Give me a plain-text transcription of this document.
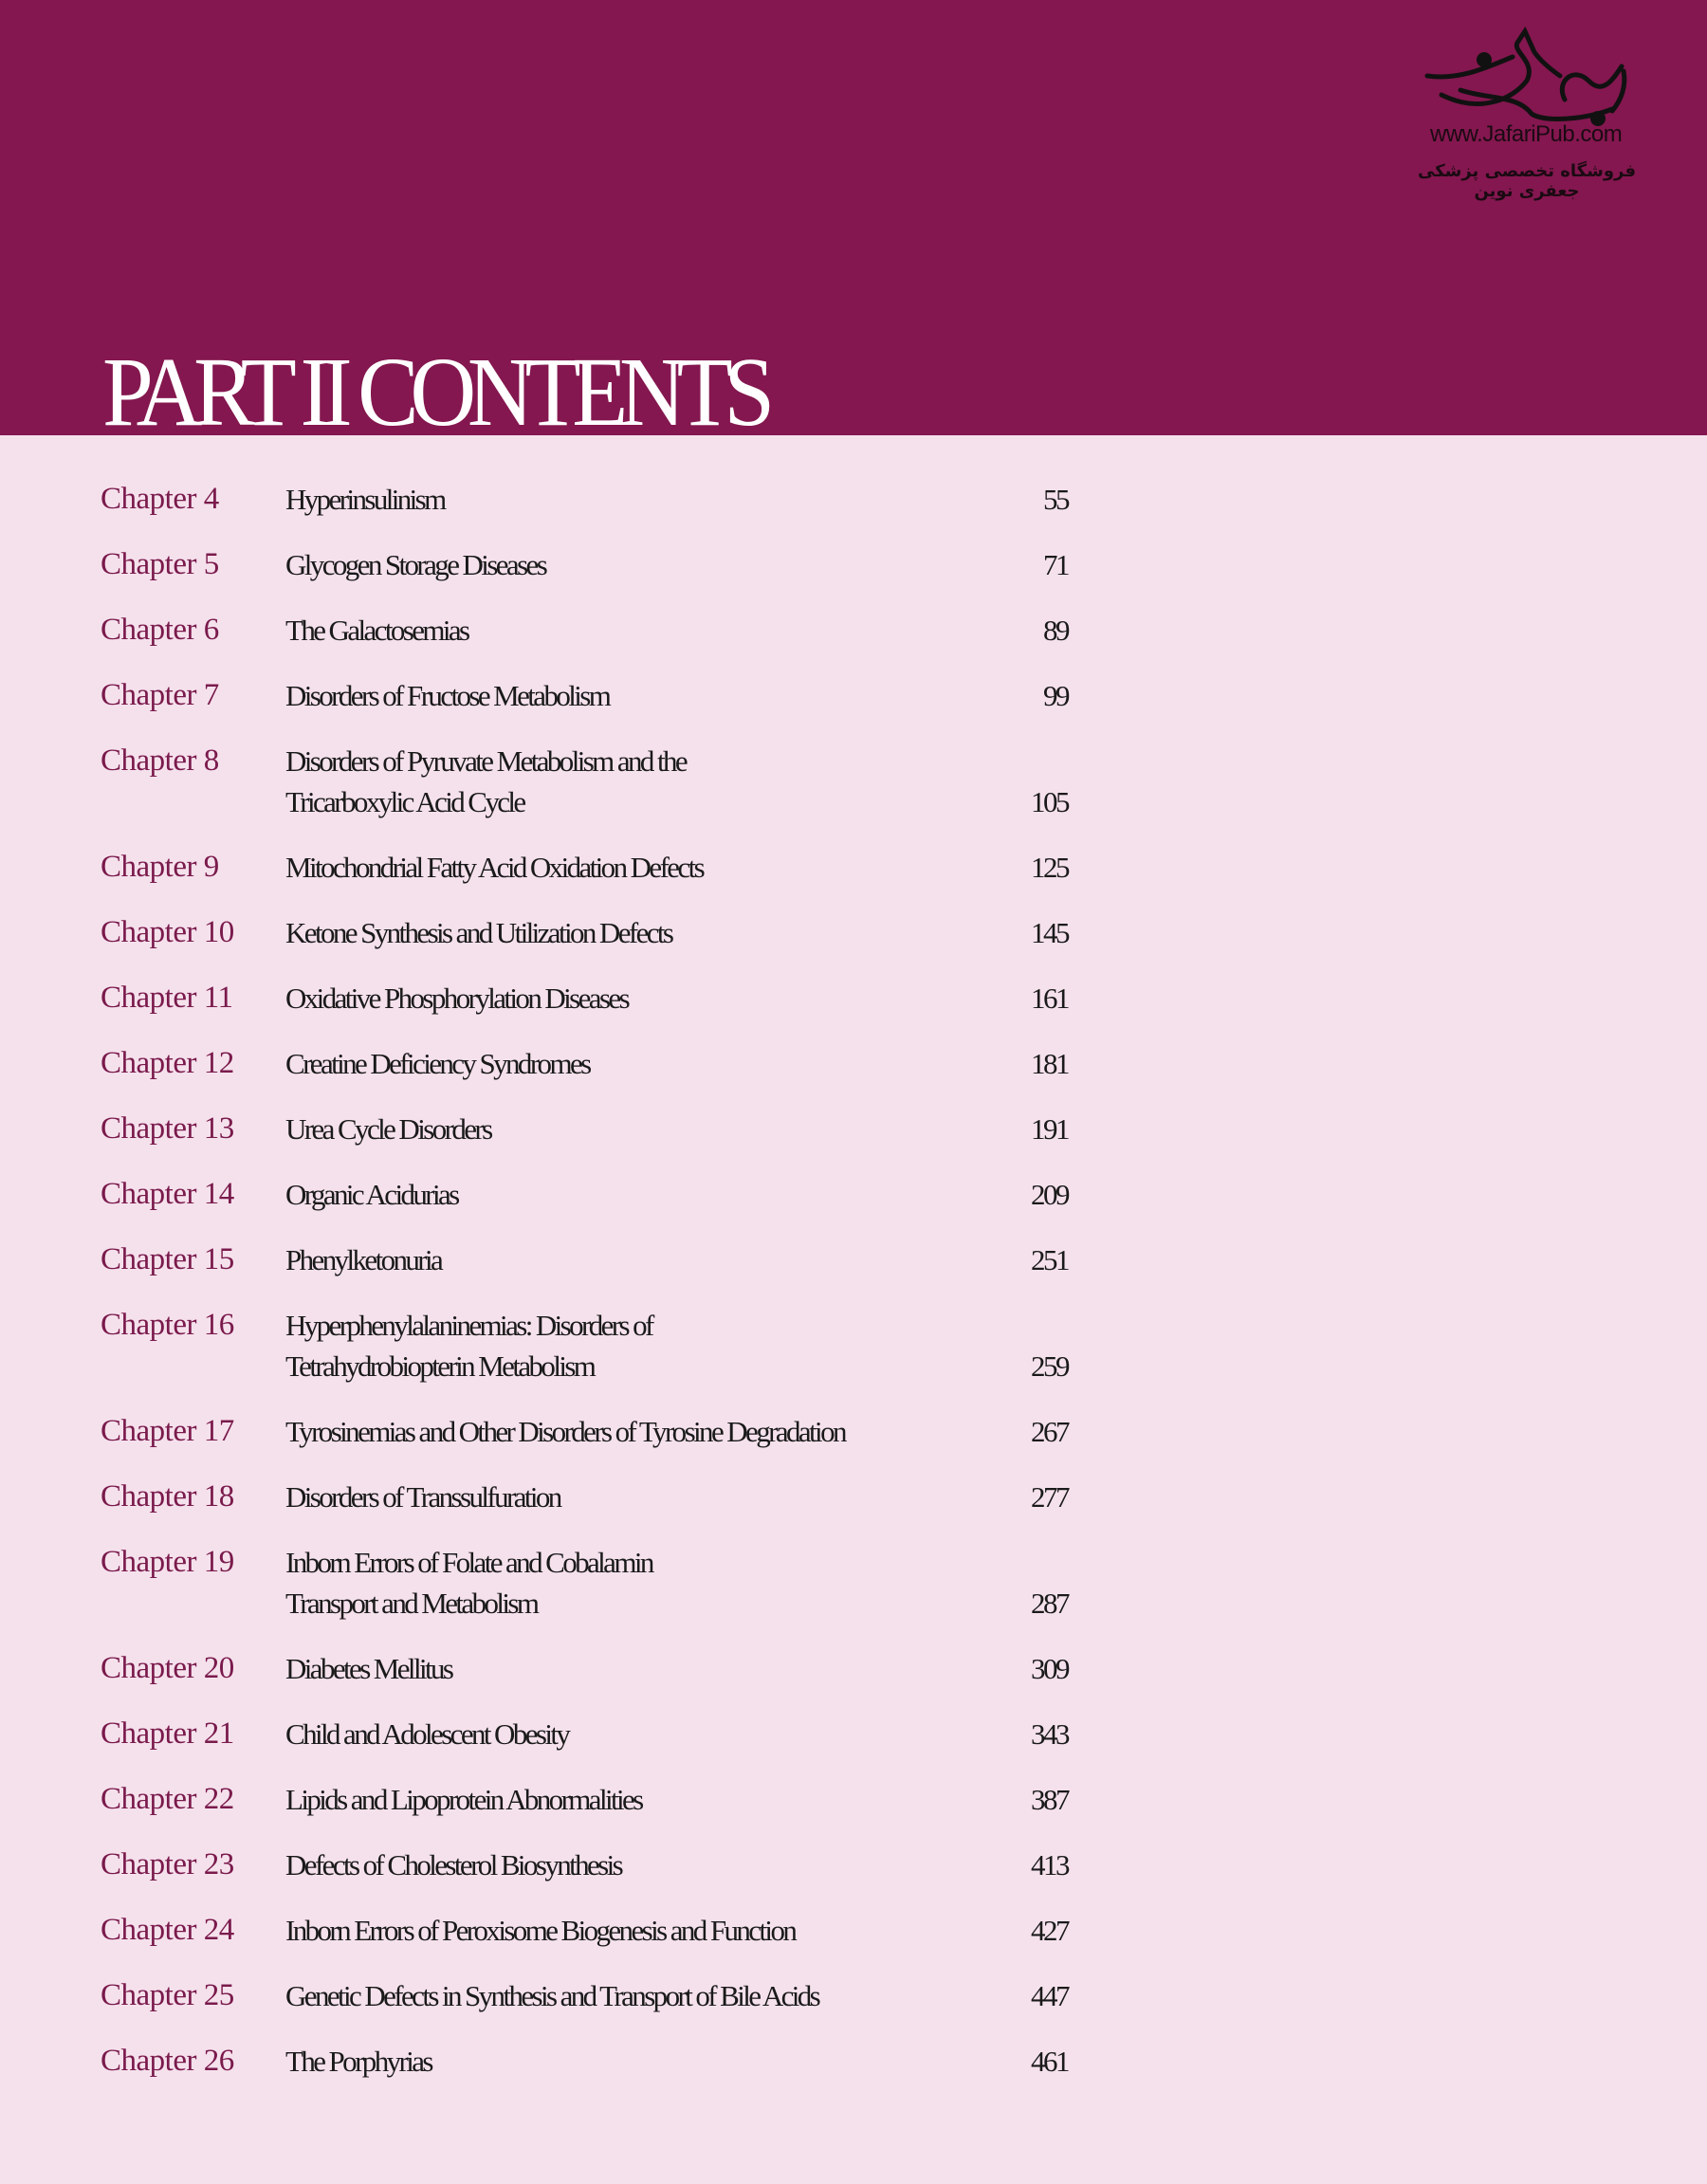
www.JafariPub.com
فروشگاه تخصصی پزشکی جعفری نوین
PART II CONTENTS
Chapter 4 Hyperinsulinism	55
Chapter 5 Glycogen Storage Diseases	71
Chapter 6 The Galactosemias	89
Chapter 7 Disorders of Fructose Metabolism	99
Chapter 8 Disorders of Pyruvate Metabolism and the
Tricarboxylic Acid Cycle	105
Chapter 9 Mitochondrial Fatty Acid Oxidation Defects	125
Chapter 10 Ketone Synthesis and Utilization Defects	145
Chapter 11 Oxidative Phosphorylation Diseases	161
Chapter 12 Creatine Deficiency Syndromes	181
Chapter 13 Urea Cycle Disorders	191
Chapter 14 Organic Acidurias	209
Chapter 15 Phenylketonuria	251
Chapter 16 Hyperphenylalaninemias: Disorders of
Tetrahydrobiopterin Metabolism	259
Chapter 17 Tyrosinemias and Other Disorders of Tyrosine Degradation	267
Chapter 18 Disorders of Transsulfuration	277
Chapter 19 Inborn Errors of Folate and Cobalamin
Transport and Metabolism	287
Chapter 20 Diabetes Mellitus	309
Chapter 21 Child and Adolescent Obesity	343
Chapter 22 Lipids and Lipoprotein Abnormalities	387
Chapter 23 Defects of Cholesterol Biosynthesis	413
Chapter 24 Inborn Errors of Peroxisome Biogenesis and Function	427
Chapter 25 Genetic Defects in Synthesis and Transport of Bile Acids	447
Chapter 26 The Porphyrias	461
